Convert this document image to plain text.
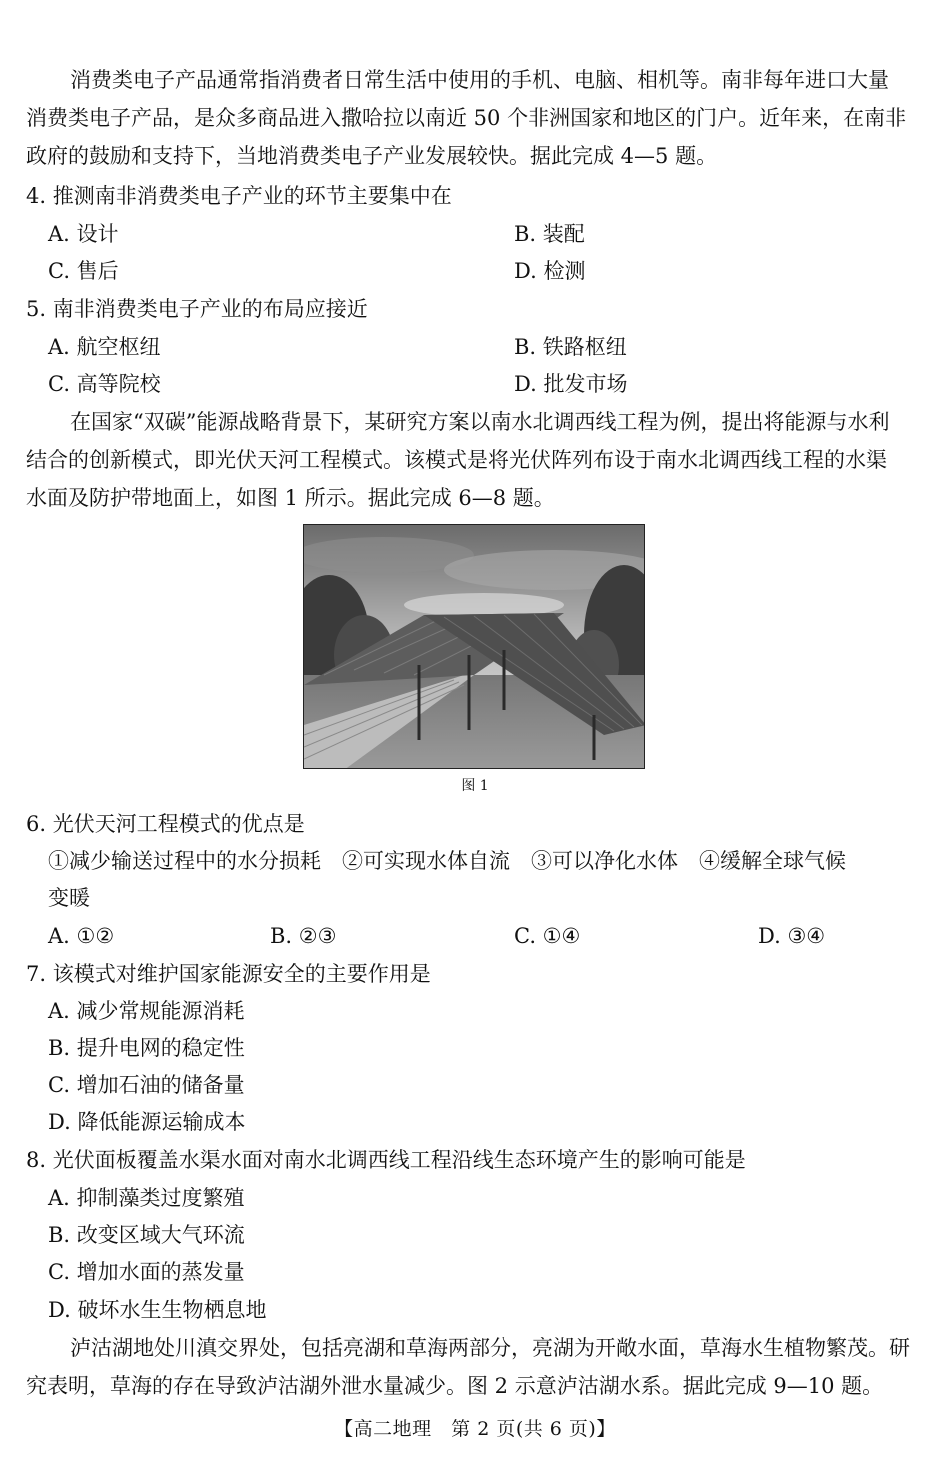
消费类电子产品通常指消费者日常生活中使用的手机、电脑、相机等。南非每年进口大量
消费类电子产品，是众多商品进入撒哈拉以南近 50 个非洲国家和地区的门户。近年来，在南非
政府的鼓励和支持下，当地消费类电子产业发展较快。据此完成 4—5 题。
4. 推测南非消费类电子产业的环节主要集中在
A. 设计	B. 装配
C. 售后	D. 检测
5. 南非消费类电子产业的布局应接近
A. 航空枢纽	B. 铁路枢纽
C. 高等院校	D. 批发市场
在国家“双碳”能源战略背景下，某研究方案以南水北调西线工程为例，提出将能源与水利
结合的创新模式，即光伏天河工程模式。该模式是将光伏阵列布设于南水北调西线工程的水渠
水面及防护带地面上，如图 1 所示。据此完成 6—8 题。
图 1
6. 光伏天河工程模式的优点是
①减少输送过程中的水分损耗　②可实现水体自流　③可以净化水体　④缓解全球气候
变暖
A. ①②	B. ②③	C. ①④	D. ③④
7. 该模式对维护国家能源安全的主要作用是
A. 减少常规能源消耗
B. 提升电网的稳定性
C. 增加石油的储备量
D. 降低能源运输成本
8. 光伏面板覆盖水渠水面对南水北调西线工程沿线生态环境产生的影响可能是
A. 抑制藻类过度繁殖
B. 改变区域大气环流
C. 增加水面的蒸发量
D. 破坏水生生物栖息地
泸沽湖地处川滇交界处，包括亮湖和草海两部分，亮湖为开敞水面，草海水生植物繁茂。研
究表明，草海的存在导致泸沽湖外泄水量减少。图 2 示意泸沽湖水系。据此完成 9—10 题。
【高二地理　第 2 页(共 6 页)】
